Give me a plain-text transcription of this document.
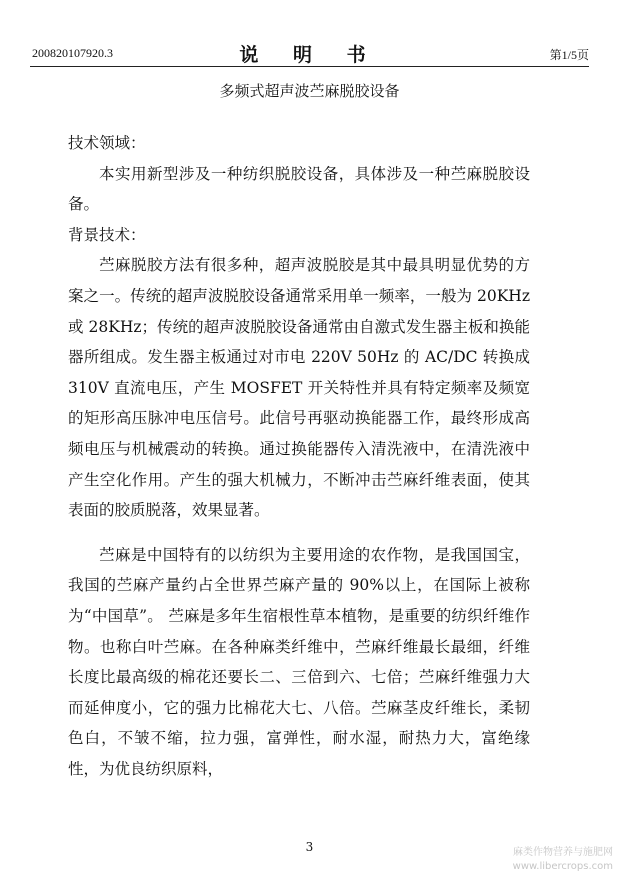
200820107920.3	说 明 书	第1/5页
多频式超声波苎麻脱胶设备

技术领域：

本实用新型涉及一种纺织脱胶设备，具体涉及一种苎麻脱胶设备。

背景技术：

苎麻脱胶方法有很多种，超声波脱胶是其中最具明显优势的方案之一。传统的超声波脱胶设备通常采用单一频率，一般为 20KHz 或 28KHz；传统的超声波脱胶设备通常由自激式发生器主板和换能器所组成。发生器主板通过对市电 220V 50Hz 的 AC/DC 转换成 310V 直流电压，产生 MOSFET 开关特性并具有特定频率及频宽的矩形高压脉冲电压信号。此信号再驱动换能器工作，最终形成高频电压与机械震动的转换。通过换能器传入清洗液中，在清洗液中产生空化作用。产生的强大机械力，不断冲击苎麻纤维表面，使其表面的胶质脱落，效果显著。

苎麻是中国特有的以纺织为主要用途的农作物，是我国国宝，我国的苎麻产量约占全世界苎麻产量的 90%以上，在国际上被称为“中国草”。 苎麻是多年生宿根性草本植物，是重要的纺织纤维作物。也称白叶苎麻。在各种麻类纤维中，苎麻纤维最长最细，纤维长度比最高级的棉花还要长二、三倍到六、七倍；苎麻纤维强力大而延伸度小，它的强力比棉花大七、八倍。苎麻茎皮纤维长，柔韧色白，不皱不缩，拉力强，富弹性，耐水湿，耐热力大，富绝缘性，为优良纺织原料，

3	麻类作物营养与施肥网
www.libercrops.com
